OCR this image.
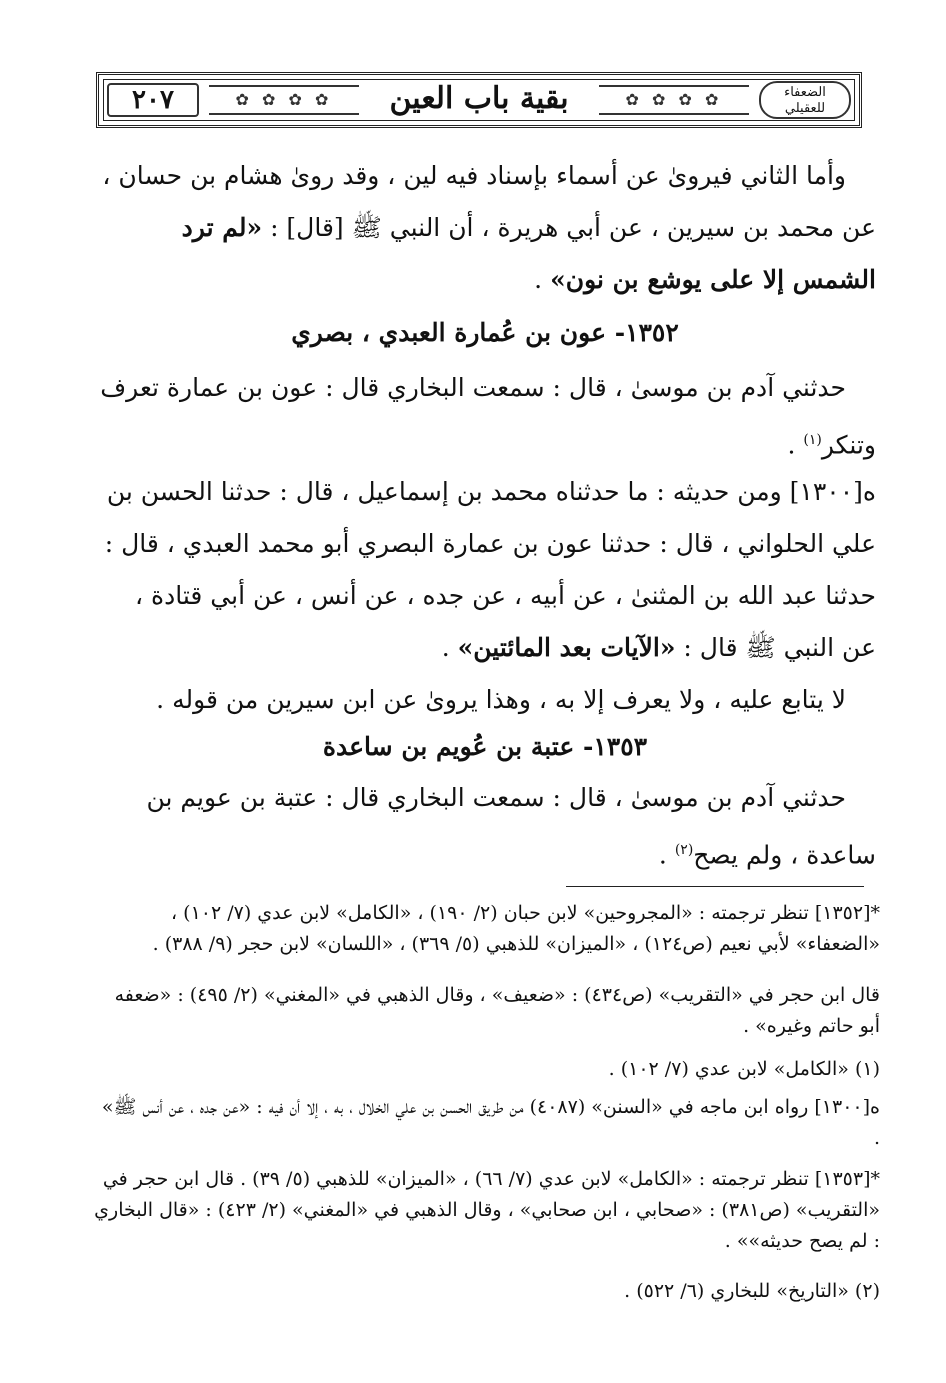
٢٠٧ ✿ ✿ ✿ ✿	بقية باب العين ✿ ✿ ✿ ✿	الضعفاء
للعقيلي

وأما الثاني فيروىٰ عن أسماء بإسناد فيه لين ، وقد روىٰ هشام بن حسان ، عن محمد بن سيرين ، عن أبي هريرة ، أن النبي ﷺ [قال] : «لم ترد الشمس إلا على يوشع بن نون» .

١٣٥٢- عون بن عُمارة العبدي ، بصري

حدثني آدم بن موسىٰ ، قال : سمعت البخاري قال : عون بن عمارة تعرف وتنكر$^{(١)}$ .

ه[١٣٠٠] ومن حديثه : ما حدثناه محمد بن إسماعيل ، قال : حدثنا الحسن بن علي الحلواني ، قال : حدثنا عون بن عمارة البصري أبو محمد العبدي ، قال : حدثنا عبد الله بن المثنىٰ ، عن أبيه ، عن جده ، عن أنس ، عن أبي قتادة ، عن النبي ﷺ قال : «الآيات بعد المائتين» .

لا يتابع عليه ، ولا يعرف إلا به ، وهذا يروىٰ عن ابن سيرين من قوله .

١٣٥٣- عتبة بن عُويم بن ساعدة

حدثني آدم بن موسىٰ ، قال : سمعت البخاري قال : عتبة بن عويم بن ساعدة ، ولم يصح$^{(٢)}$ .

*[١٣٥٢] تنظر ترجمته : «المجروحين» لابن حبان (٢/ ١٩٠) ، «الكامل» لابن عدي (٧/ ١٠٢) ، «الضعفاء» لأبي نعيم (ص١٢٤) ، «الميزان» للذهبي (٥/ ٣٦٩) ، «اللسان» لابن حجر (٩/ ٣٨٨) .

قال ابن حجر في «التقريب» (ص٤٣٤) : «ضعيف» ، وقال الذهبي في «المغني» (٢/ ٤٩٥) : «ضعفه أبو حاتم وغيره» .

(١) «الكامل» لابن عدي (٧/ ١٠٢) .

ه[١٣٠٠] رواه ابن ماجه في «السنن» (٤٠٨٧) من طريق الحسن بن علي الخلال ، به ، إلا أن فيه : «عن جده ، عن أنس ﷺ» .

*[١٣٥٣] تنظر ترجمته : «الكامل» لابن عدي (٧/ ٦٦) ، «الميزان» للذهبي (٥/ ٣٩) . قال ابن حجر في «التقريب» (ص٣٨١) : «صحابي ، ابن صحابي» ، وقال الذهبي في «المغني» (٢/ ٤٢٣) : «قال البخاري : لم يصح حديثه»» .

(٢) «التاريخ» للبخاري (٦/ ٥٢٢) .
